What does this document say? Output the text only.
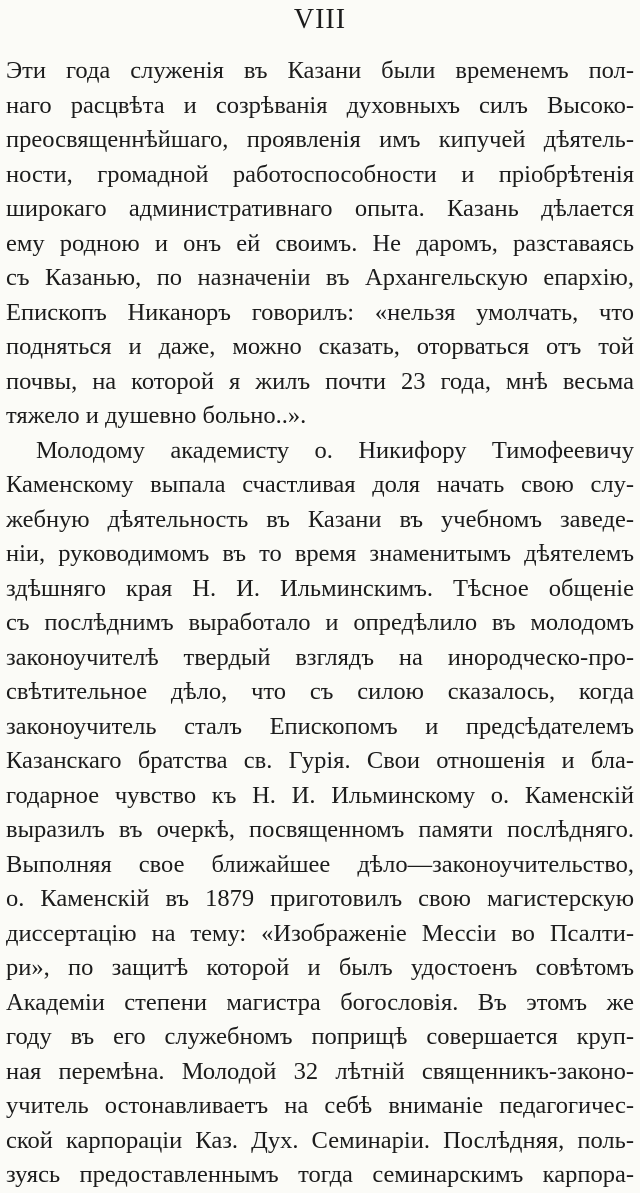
VIII
Эти года служенія въ Казани были временемъ пол-
наго расцвѣта и созрѣванія духовныхъ силъ Высоко-
преосвященнѣйшаго, проявленія имъ кипучей дѣятель-
ности, громадной работоспособности и пріобрѣтенія
широкаго административнаго опыта. Казань дѣлается
ему родною и онъ ей своимъ. Не даромъ, разставаясь
съ Казанью, по назначеніи въ Архангельскую епархію,
Епископъ Никаноръ говорилъ: «нельзя умолчать, что
подняться и даже, можно сказать, оторваться отъ той
почвы, на которой я жилъ почти 23 года, мнѣ весьма
тяжело и душевно больно..».
Молодому академисту о. Никифору Тимофеевичу
Каменскому выпала счастливая доля начать свою слу-
жебную дѣятельность въ Казани въ учебномъ заведе-
ніи, руководимомъ въ то время знаменитымъ дѣятелемъ
здѣшняго края Н. И. Ильминскимъ. Тѣсное общеніе
съ послѣднимъ выработало и опредѣлило въ молодомъ
законоучителѣ твердый взглядъ на инородческо-про-
свѣтительное дѣло, что съ силою сказалось, когда
законоучитель сталъ Епископомъ и предсѣдателемъ
Казанскаго братства св. Гурія. Свои отношенія и бла-
годарное чувство къ Н. И. Ильминскому о. Каменскій
выразилъ въ очеркѣ, посвященномъ памяти послѣдняго.
Выполняя свое ближайшее дѣло—законоучительство,
о. Каменскій въ 1879 приготовилъ свою магистерскую
диссертацію на тему: «Изображеніе Мессіи во Псалти-
ри», по защитѣ которой и былъ удостоенъ совѣтомъ
Академіи степени магистра богословія. Въ этомъ же
году въ его служебномъ поприщѣ совершается круп-
ная перемѣна. Молодой 32 лѣтній священникъ-законо-
учитель остонавливаетъ на себѣ вниманіе педагогичес-
ской карпораціи Каз. Дух. Семинаріи. Послѣдняя, поль-
зуясь предоставленнымъ тогда семинарскимъ карпора-
